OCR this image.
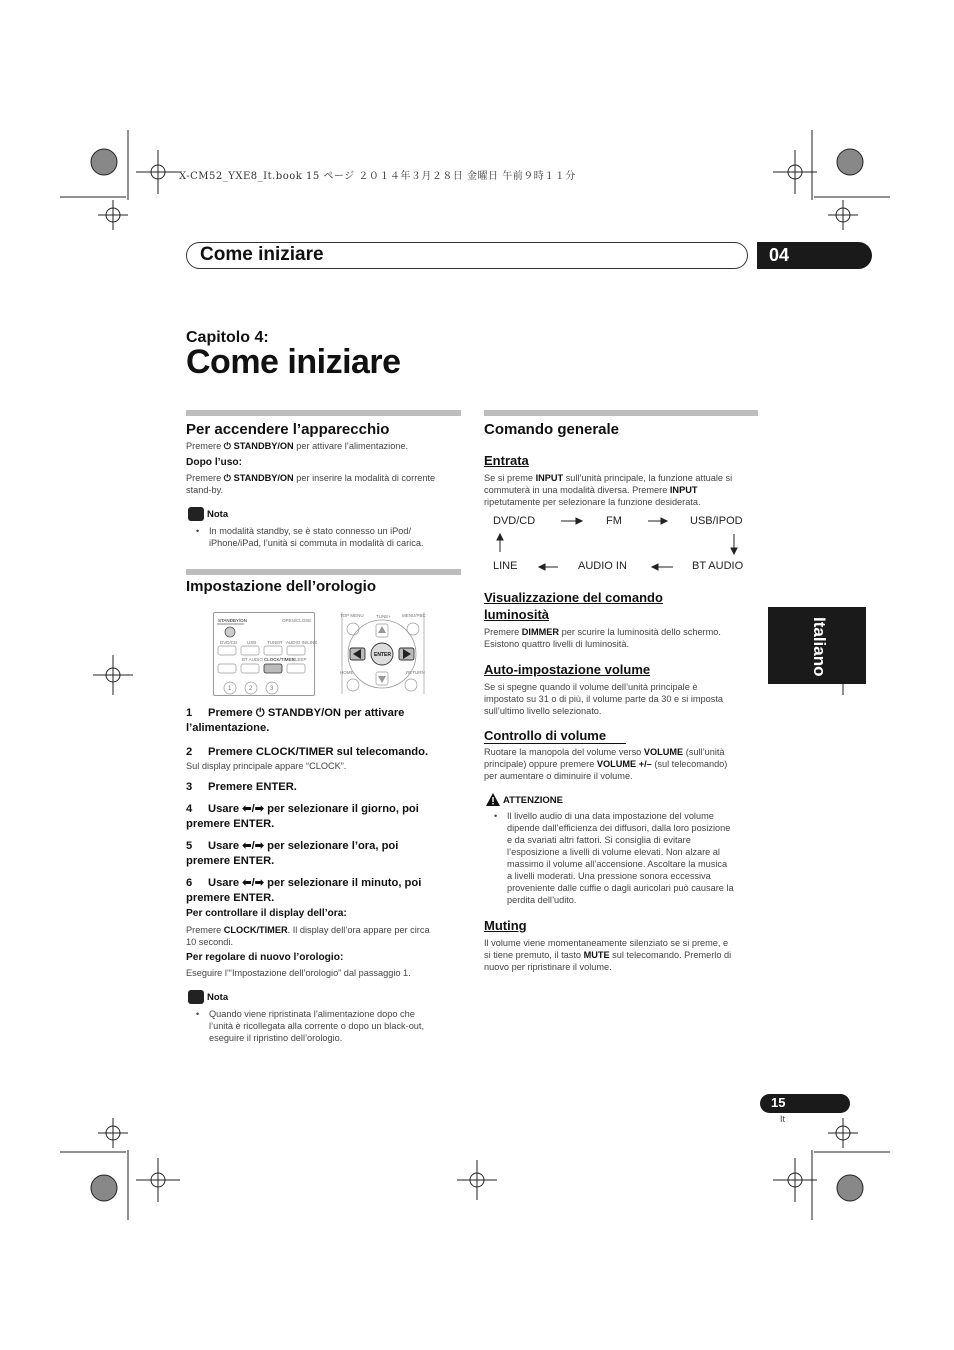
X-CM52_YXE8_It.book 15 ページ ２０１４年３月２８日 金曜日 午前９時１１分
Come iniziare	04
Italiano
Capitolo 4:
Come iniziare
Per accendere l’apparecchio
Premere ⏻ STANDBY/ON per attivare l’alimentazione.
Dopo l’uso:
Premere ⏻ STANDBY/ON per inserire la modalità di corrente stand-by.
Nota
• In modalità standby, se è stato connesso un iPod/
iPhone/iPad, l’unità si commuta in modalità di carica.
Impostazione dell’orologio
STANDBY/ON	OPEN/CLOSE
DVD/CD USB TUNER AUDIO IN/LINE
BT AUDIO CLOCK/TIMER
SLEEP
1	2	3
TOP MENU	MENU/PBC
TUNE+
HOME	RETURN
ENTER
1 Premere ⏻ STANDBY/ON per attivare
l’alimentazione.
2 Premere CLOCK/TIMER sul telecomando.
Sul display principale appare “CLOCK”.
3 Premere ENTER.
4 Usare ⬅/➡ per selezionare il giorno, poi
premere ENTER.
5 Usare ⬅/➡ per selezionare l’ora, poi
premere ENTER.
6 Usare ⬅/➡ per selezionare il minuto, poi
premere ENTER.
Per controllare il display dell’ora:
Premere CLOCK/TIMER. Il display dell’ora appare per circa
10 secondi.
Per regolare di nuovo l’orologio:
Eseguire l’“Impostazione dell’orologio” dal passaggio 1.
Nota
• Quando viene ripristinata l’alimentazione dopo che
l’unità è ricollegata alla corrente o dopo un black-out,
eseguire il ripristino dell’orologio.
Comando generale
Entrata
Se si preme INPUT sull’unità principale, la funzione attuale si
commuterà in una modalità diversa. Premere INPUT
ripetutamente per selezionare la funzione desiderata.
DVD/CD	FM	USB/IPOD
LINE	AUDIO IN	BT AUDIO
Visualizzazione del comando
luminosità
Premere DIMMER per scurire la luminosità dello schermo.
Esistono quattro livelli di luminosità.
Auto-impostazione volume
Se si spegne quando il volume dell’unità principale è
impostato su 31 o di più, il volume parte da 30 e si imposta
sull’ultimo livello selezionato.
Controllo di volume
Ruotare la manopola del volume verso VOLUME (sull’unità
principale) oppure premere VOLUME +/– (sul telecomando)
per aumentare o diminuire il volume.
ATTENZIONE
• Il livello audio di una data impostazione del volume
dipende dall’efficienza dei diffusori, dalla loro posizione
e da svariati altri fattori. Si consiglia di evitare
l’esposizione a livelli di volume elevati. Non alzare al
massimo il volume all’accensione. Ascoltare la musica
a livelli moderati. Una pressione sonora eccessiva
proveniente dalle cuffie o dagli auricolari può causare la
perdita dell’udito.
Muting
Il volume viene momentaneamente silenziato se si preme, e
si tiene premuto, il tasto MUTE sul telecomando. Premerlo di
nuovo per ripristinare il volume.
15
It
